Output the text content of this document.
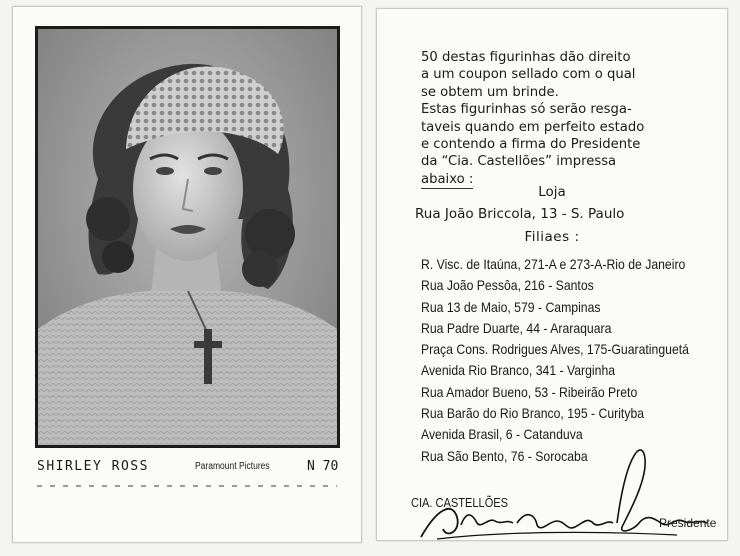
SHIRLEY ROSS	Paramount Pictures	N 70
50 destas figurinhas dão direito
a um coupon sellado com o qual
se obtem um brinde.
Estas figurinhas só serão resga-
taveis quando em perfeito estado
e contendo a firma do Presidente
da “Cia. Castellões” impressa
abaixo :
Loja
Rua João Briccola, 13 - S. Paulo
Filiaes :
R. Visc. de Itaúna, 271-A e 273-A-Rio de Janeiro
Rua João Pessôa, 216 - Santos
Rua 13 de Maio, 579 - Campinas
Rua Padre Duarte, 44 - Araraquara
Praça Cons. Rodrigues Alves, 175-Guaratinguetá
Avenida Rio Branco, 341 - Varginha
Rua Amador Bueno, 53 - Ribeirão Preto
Rua Barão do Rio Branco, 195 - Curityba
Avenida Brasil, 6 - Catanduva
Rua São Bento, 76 - Sorocaba
CIA. CASTELLÕES
Presidente
